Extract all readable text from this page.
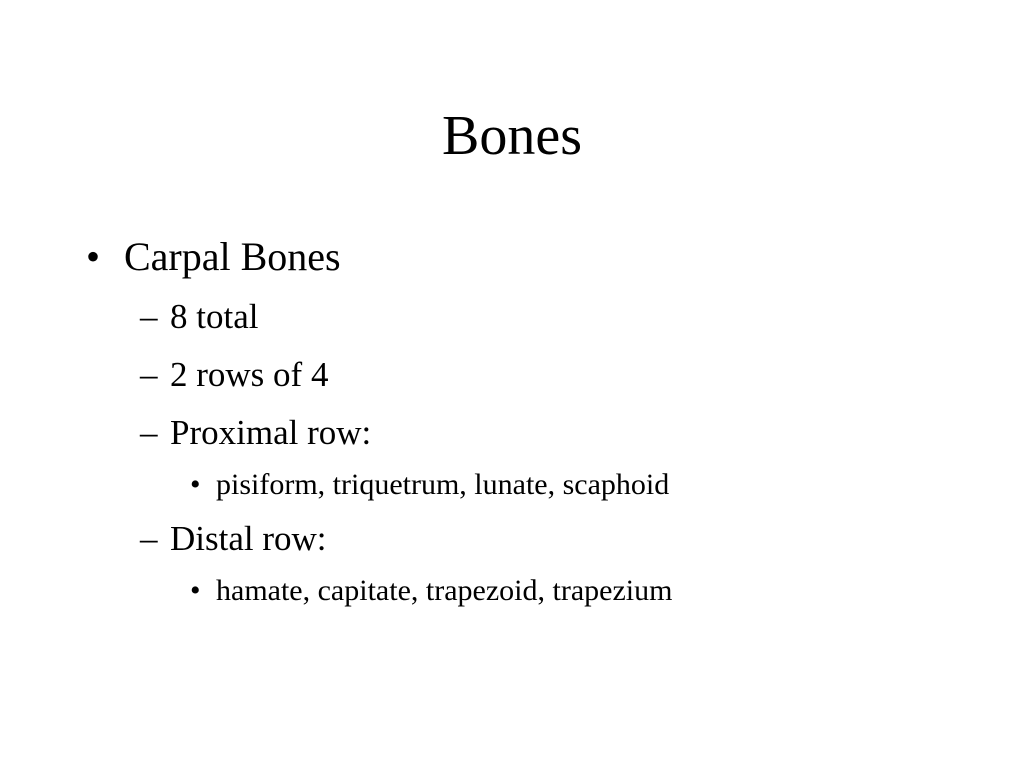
Bones
• Carpal Bones
– 8 total
– 2 rows of 4
– Proximal row:
• pisiform, triquetrum, lunate, scaphoid
– Distal row:
• hamate, capitate, trapezoid, trapezium
